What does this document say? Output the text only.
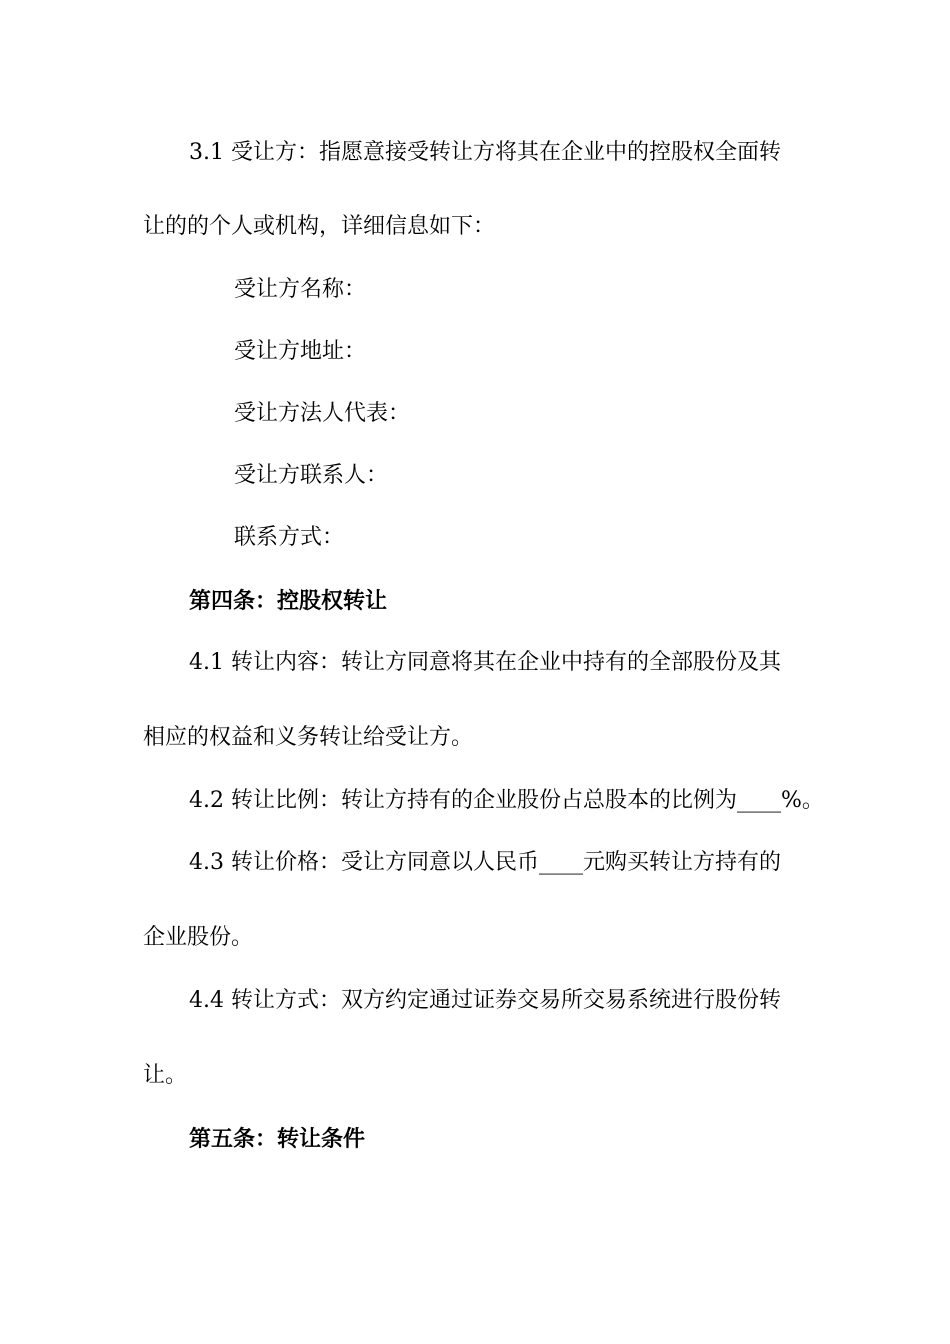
3.1 受让方：指愿意接受转让方将其在企业中的控股权全面转
让的的个人或机构，详细信息如下：
受让方名称：
受让方地址：
受让方法人代表：
受让方联系人：
联系方式：
第四条：控股权转让
4.1 转让内容：转让方同意将其在企业中持有的全部股份及其
相应的权益和义务转让给受让方。
4.2 转让比例：转让方持有的企业股份占总股本的比例为____%。
4.3 转让价格：受让方同意以人民币____元购买转让方持有的
企业股份。
4.4 转让方式：双方约定通过证券交易所交易系统进行股份转
让。
第五条：转让条件
